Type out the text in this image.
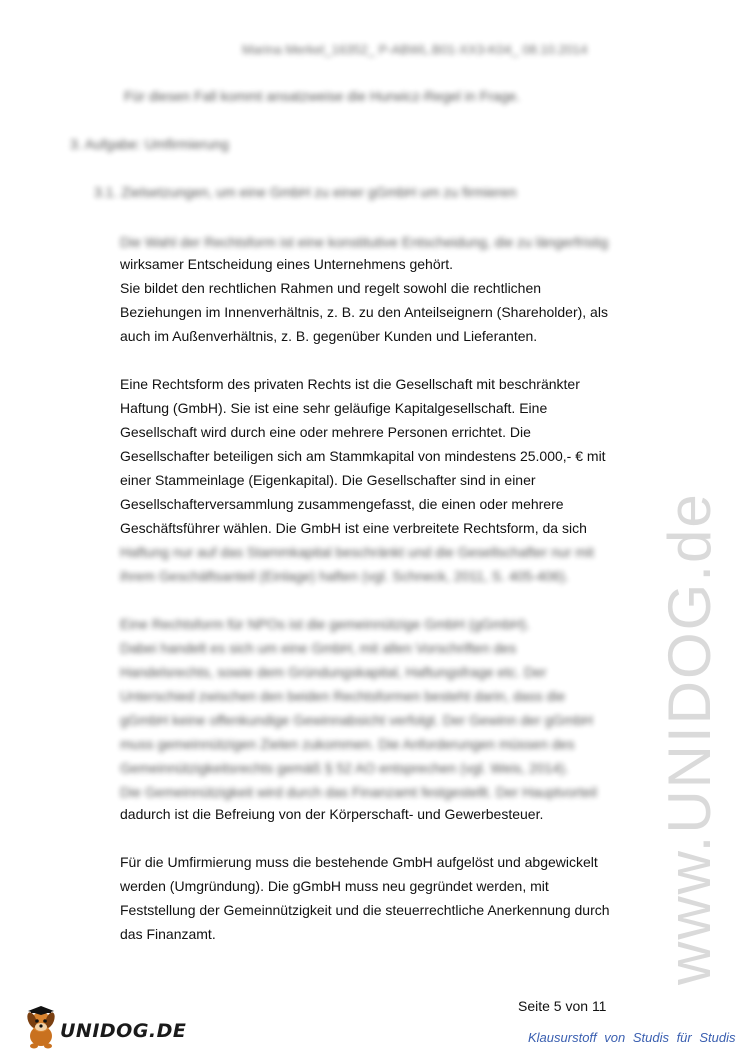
www.UNIDOG.de
Marina Merkel_16352_ P-ABWL.B01-XX3-K04_ 08.10.2014
Für diesen Fall kommt ansatzweise die Hurwicz-Regel in Frage.
3. Aufgabe: Umfirmierung
3.1. Zielsetzungen, um eine GmbH zu einer gGmbH um zu firmieren
Die Wahl der Rechtsform ist eine konstitutive Entscheidung, die zu längerfristig
wirksamer Entscheidung eines Unternehmens gehört.
Sie bildet den rechtlichen Rahmen und regelt sowohl die rechtlichen
Beziehungen im Innenverhältnis, z. B. zu den Anteilseignern (Shareholder), als
auch im Außenverhältnis, z. B. gegenüber Kunden und Lieferanten.
Eine Rechtsform des privaten Rechts ist die Gesellschaft mit beschränkter
Haftung (GmbH). Sie ist eine sehr geläufige Kapitalgesellschaft. Eine
Gesellschaft wird durch eine oder mehrere Personen errichtet. Die
Gesellschafter beteiligen sich am Stammkapital von mindestens 25.000,- € mit
einer Stammeinlage (Eigenkapital). Die Gesellschafter sind in einer
Gesellschafterversammlung zusammengefasst, die einen oder mehrere
Geschäftsführer wählen. Die GmbH ist eine verbreitete Rechtsform, da sich
Haftung nur auf das Stammkapital beschränkt und die Gesellschafter nur mit
ihrem Geschäftsanteil (Einlage) haften (vgl. Schneck, 2011, S. 405-406).
Eine Rechtsform für NPOs ist die gemeinnützige GmbH (gGmbH).
Dabei handelt es sich um eine GmbH, mit allen Vorschriften des
Handelsrechts, sowie dem Gründungskapital, Haftungsfrage etc. Der
Unterschied zwischen den beiden Rechtsformen besteht darin, dass die
gGmbH keine offenkundige Gewinnabsicht verfolgt. Der Gewinn der gGmbH
muss gemeinnützigen Zielen zukommen. Die Anforderungen müssen des
Gemeinnützigkeitsrechts gemäß § 52 AO entsprechen (vgl. Weis, 2014).
Die Gemeinnützigkeit wird durch das Finanzamt festgestellt. Der Hauptvorteil
dadurch ist die Befreiung von der Körperschaft- und Gewerbesteuer.
Für die Umfirmierung muss die bestehende GmbH aufgelöst und abgewickelt
werden (Umgründung). Die gGmbH muss neu gegründet werden, mit
Feststellung der Gemeinnützigkeit und die steuerrechtliche Anerkennung durch
das Finanzamt.
Seite 5 von 11
UNIDOG.DE	Klausurstoff von Studis für Studis
